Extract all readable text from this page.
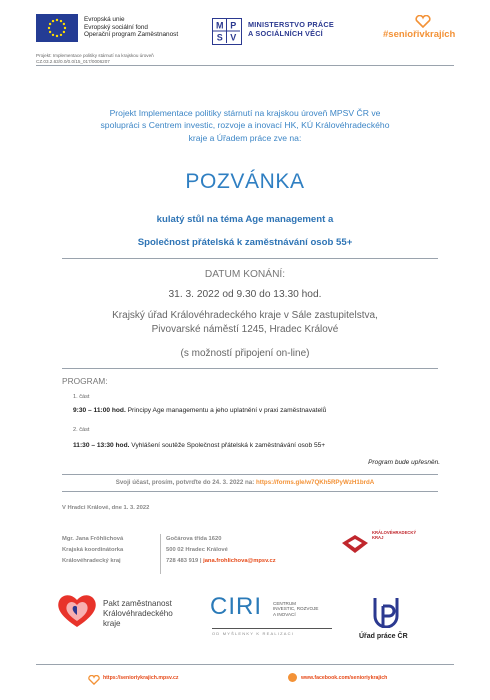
Evropská unie
Evropský sociální fond
Operační program Zaměstnanost
Projekt: Implementace politiky stárnutí na krajskou úroveň
CZ.03.2.63/0.0/0.0/15_017/0006207
M P
S V
MINISTERSTVO PRÁCE
A SOCIÁLNÍCH VĚCÍ	#seniořivkrajích
Projekt Implementace politiky stárnutí na krajskou úroveň MPSV ČR ve
spolupráci s Centrem investic, rozvoje a inovací HK, KÚ Královéhradeckého
kraje a Úřadem práce zve na:
POZVÁNKA
kulatý stůl na téma Age management a
Společnost přátelská k zaměstnávání osob 55+
DATUM KONÁNÍ:
31. 3. 2022 od 9.30 do 13.30 hod.
Krajský úřad Královéhradeckého kraje v Sále zastupitelstva,
Pivovarské náměstí 1245, Hradec Králové
(s možností připojení on-line)
PROGRAM:
1. část
9:30 – 11:00 hod. Principy Age managementu a jeho uplatnění v praxi zaměstnavatelů
2. část
11:30 – 13:30 hod. Vyhlášení soutěže Společnost přátelská k zaměstnávání osob 55+
Program bude upřesněn.
Svoji účast, prosím, potvrďte do 24. 3. 2022 na: https://forms.gle/w7QKh5RPyWzH1brdA
V Hradci Králové, dne 1. 3. 2022
Mgr. Jana Fröhlichová
Krajská koordinátorka
Královéhradecký kraj
Gočárova třída 1620
500 02 Hradec Králové
728 483 919 | jana.frohlichova@mpsv.cz
KRÁLOVÉHRADECKÝ
KRAJ
Pakt zaměstnanost
Královéhradeckého
kraje
CIRI CENTRUM
INVESTIC, ROZVOJE
A INOVACÍ
OD MYŠLENKY K REALIZACI	Úřad práce ČR
https://senioriykrajich.mpsv.cz	www.facebook.com/senioriykrajich
